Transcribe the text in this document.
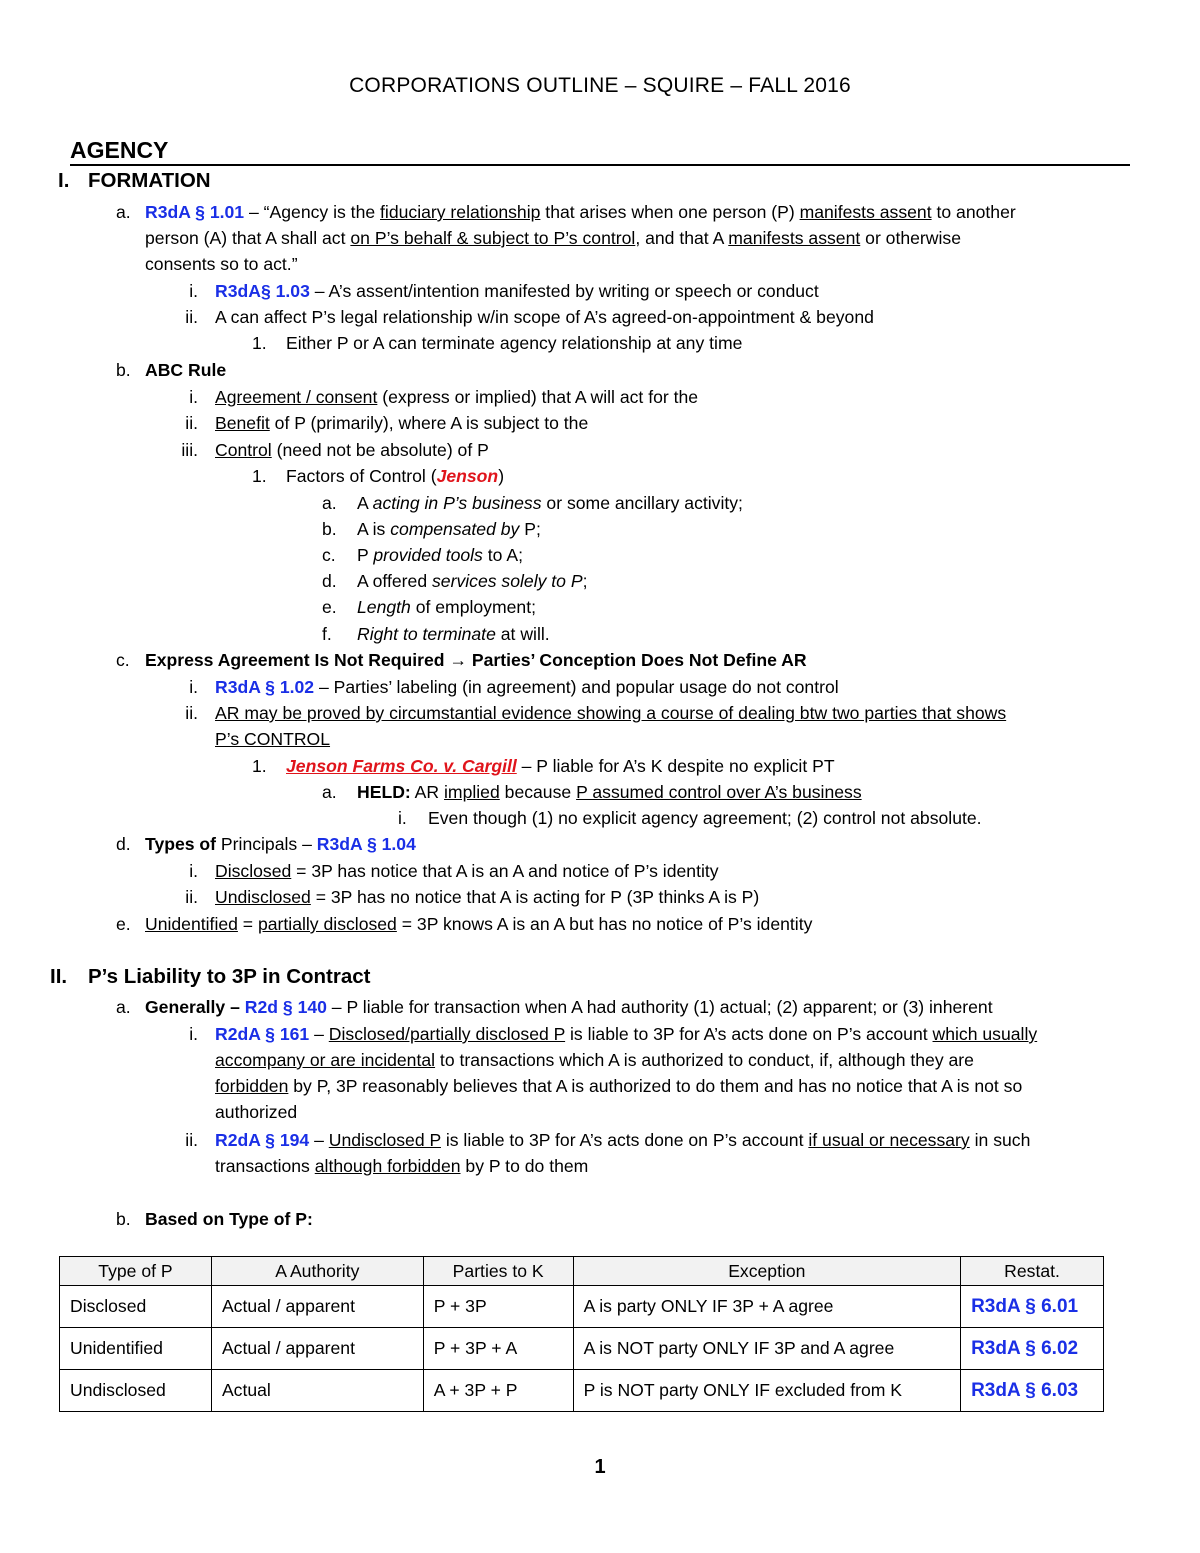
CORPORATIONS OUTLINE – SQUIRE – FALL 2016
AGENCY
I. FORMATION
a. R3dA § 1.01 – “Agency is the fiduciary relationship that arises when one person (P) manifests assent to another
person (A) that A shall act on P’s behalf & subject to P’s control, and that A manifests assent or otherwise
consents so to act.”
i. R3dA§ 1.03 – A’s assent/intention manifested by writing or speech or conduct
ii. A can affect P’s legal relationship w/in scope of A’s agreed-on-appointment & beyond
1. Either P or A can terminate agency relationship at any time
b. ABC Rule
i. Agreement / consent (express or implied) that A will act for the
ii. Benefit of P (primarily), where A is subject to the
iii. Control (need not be absolute) of P
1. Factors of Control (Jenson)
a. A acting in P’s business or some ancillary activity;
b. A is compensated by P;
c. P provided tools to A;
d. A offered services solely to P;
e. Length of employment;
f. Right to terminate at will.
c. Express Agreement Is Not Required → Parties’ Conception Does Not Define AR
i. R3dA § 1.02 – Parties’ labeling (in agreement) and popular usage do not control
ii. AR may be proved by circumstantial evidence showing a course of dealing btw two parties that shows
P’s CONTROL
1. Jenson Farms Co. v. Cargill – P liable for A’s K despite no explicit PT
a. HELD: AR implied because P assumed control over A’s business
i. Even though (1) no explicit agency agreement; (2) control not absolute.
d. Types of Principals – R3dA § 1.04
i. Disclosed = 3P has notice that A is an A and notice of P’s identity
ii. Undisclosed = 3P has no notice that A is acting for P (3P thinks A is P)
e. Unidentified = partially disclosed = 3P knows A is an A but has no notice of P’s identity
II. P’s Liability to 3P in Contract
a. Generally – R2d § 140 – P liable for transaction when A had authority (1) actual; (2) apparent; or (3) inherent
i. R2dA § 161 – Disclosed/partially disclosed P is liable to 3P for A’s acts done on P’s account which usually
accompany or are incidental to transactions which A is authorized to conduct, if, although they are
forbidden by P, 3P reasonably believes that A is authorized to do them and has no notice that A is not so
authorized
ii. R2dA § 194 – Undisclosed P is liable to 3P for A’s acts done on P’s account if usual or necessary in such
transactions although forbidden by P to do them
b. Based on Type of P:
Type of P	A Authority	Parties to K	Exception	Restat.
Disclosed	Actual / apparent	P + 3P	A is party ONLY IF 3P + A agree	R3dA § 6.01
Unidentified	Actual / apparent	P + 3P + A	A is NOT party ONLY IF 3P and A agree	R3dA § 6.02
Undisclosed	Actual	A + 3P + P	P is NOT party ONLY IF excluded from K	R3dA § 6.03
1
